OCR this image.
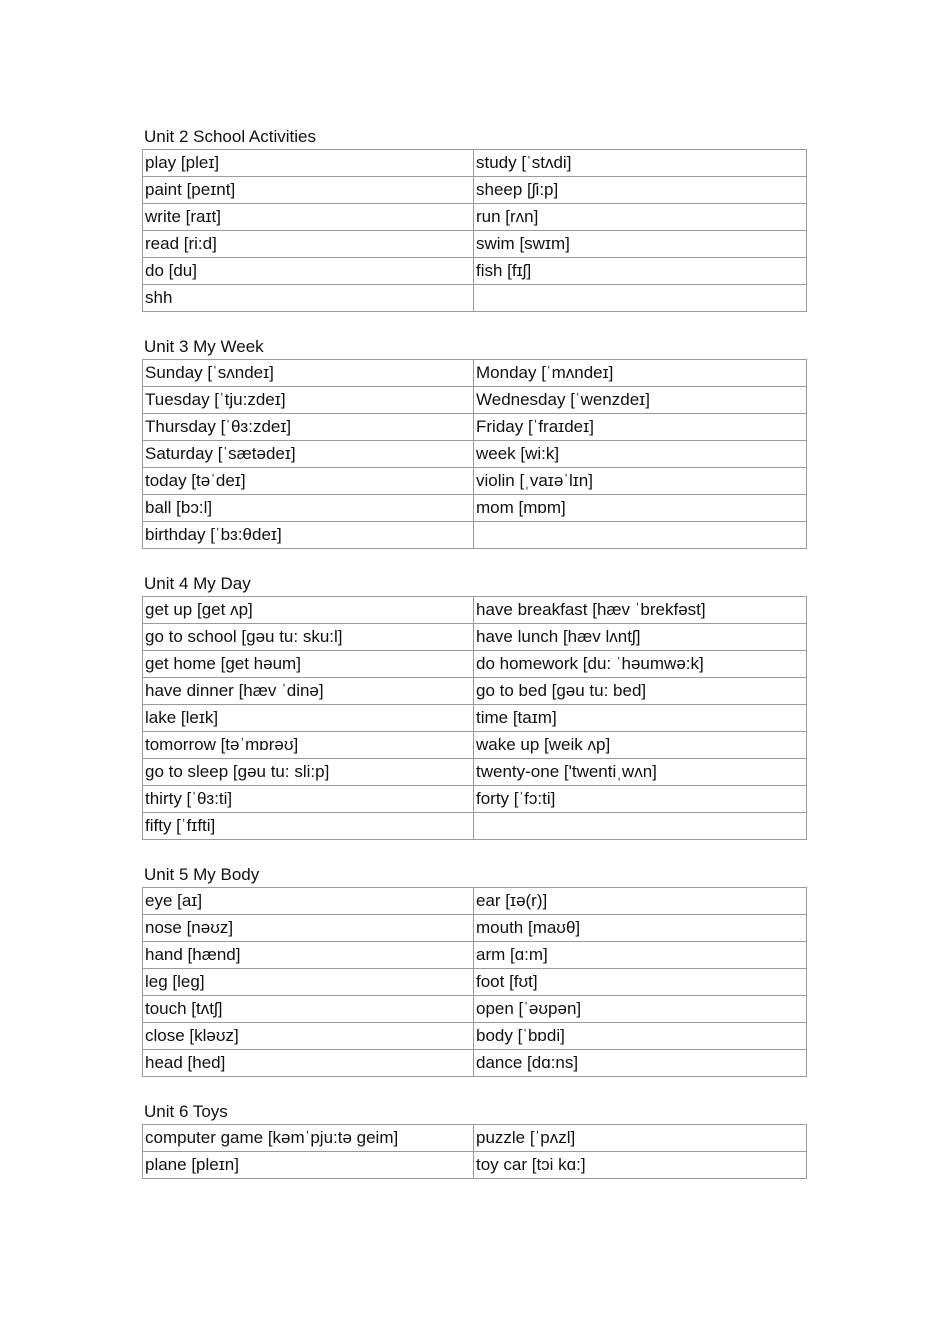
Unit 2 School Activities
play [pleɪ]	study [ˈstʌdi]
paint [peɪnt]	sheep [ʃi:p]
write [raɪt]	run [rʌn]
read [ri:d]	swim [swɪm]
do [du]	fish [fɪʃ]
shh	
Unit 3 My Week
Sunday [ˈsʌndeɪ]	Monday [ˈmʌndeɪ]
Tuesday [ˈtju:zdeɪ]	Wednesday [ˈwenzdeɪ]
Thursday [ˈθɜ:zdeɪ]	Friday [ˈfraɪdeɪ]
Saturday [ˈsætədeɪ]	week [wi:k]
today [təˈdeɪ]	violin [ˌvaɪəˈlɪn]
ball [bɔ:l]	mom [mɒm]
birthday [ˈbɜ:θdeɪ]	
Unit 4 My Day
get up [get ʌp]	have breakfast [hæv ˈbrekfəst]
go to school [gəu tu: sku:l]	have lunch [hæv lʌntʃ]
get home [get həum]	do homework [du: ˈhəumwə:k]
have dinner [hæv ˈdinə]	go to bed [gəu tu: bed]
lake [leɪk]	time [taɪm]
tomorrow [təˈmɒrəʊ]	wake up [weik ʌp]
go to sleep [gəu tu: sli:p]	twenty-one ['twentiˌwʌn]
thirty [ˈθɜ:ti]	forty [ˈfɔ:ti]
fifty [ˈfɪfti]	
Unit 5 My Body
eye [aɪ]	ear [ɪə(r)]
nose [nəʊz]	mouth [maʊθ]
hand [hænd]	arm [ɑ:m]
leg [leg]	foot [fʊt]
touch [tʌtʃ]	open [ˈəʊpən]
close [kləʊz]	body [ˈbɒdi]
head [hed]	dance [dɑ:ns]
Unit 6 Toys
computer game [kəmˈpju:tə geim]	puzzle [ˈpʌzl]
plane [pleɪn]	toy car [tɔi kɑ:]
